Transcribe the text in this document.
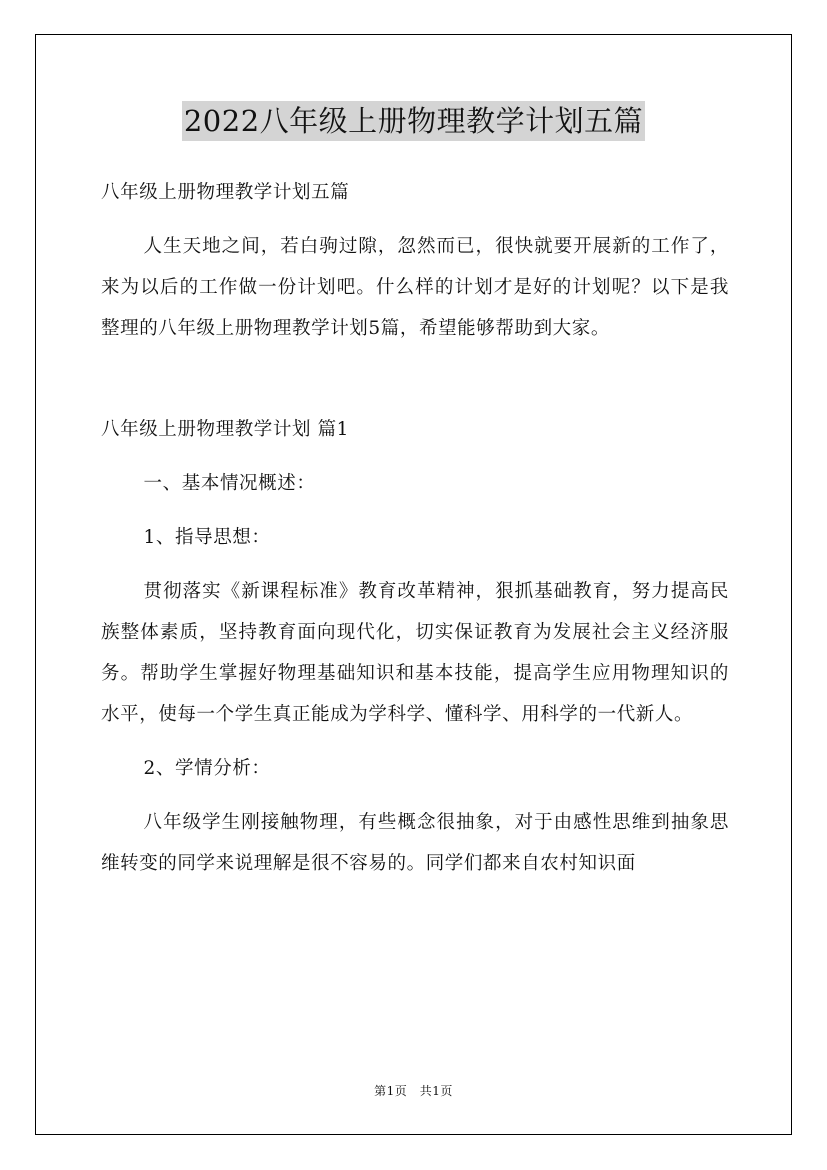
2022八年级上册物理教学计划五篇

八年级上册物理教学计划五篇

人生天地之间，若白驹过隙，忽然而已，很快就要开展新的工作了，来为以后的工作做一份计划吧。什么样的计划才是好的计划呢？以下是我整理的八年级上册物理教学计划5篇，希望能够帮助到大家。

八年级上册物理教学计划 篇1

一、基本情况概述：

1、指导思想：

贯彻落实《新课程标准》教育改革精神，狠抓基础教育，努力提高民族整体素质，坚持教育面向现代化，切实保证教育为发展社会主义经济服务。帮助学生掌握好物理基础知识和基本技能，提高学生应用物理知识的水平，使每一个学生真正能成为学科学、懂科学、用科学的一代新人。

2、学情分析：

八年级学生刚接触物理，有些概念很抽象，对于由感性思维到抽象思维转变的同学来说理解是很不容易的。同学们都来自农村知识面

第1页　共1页
